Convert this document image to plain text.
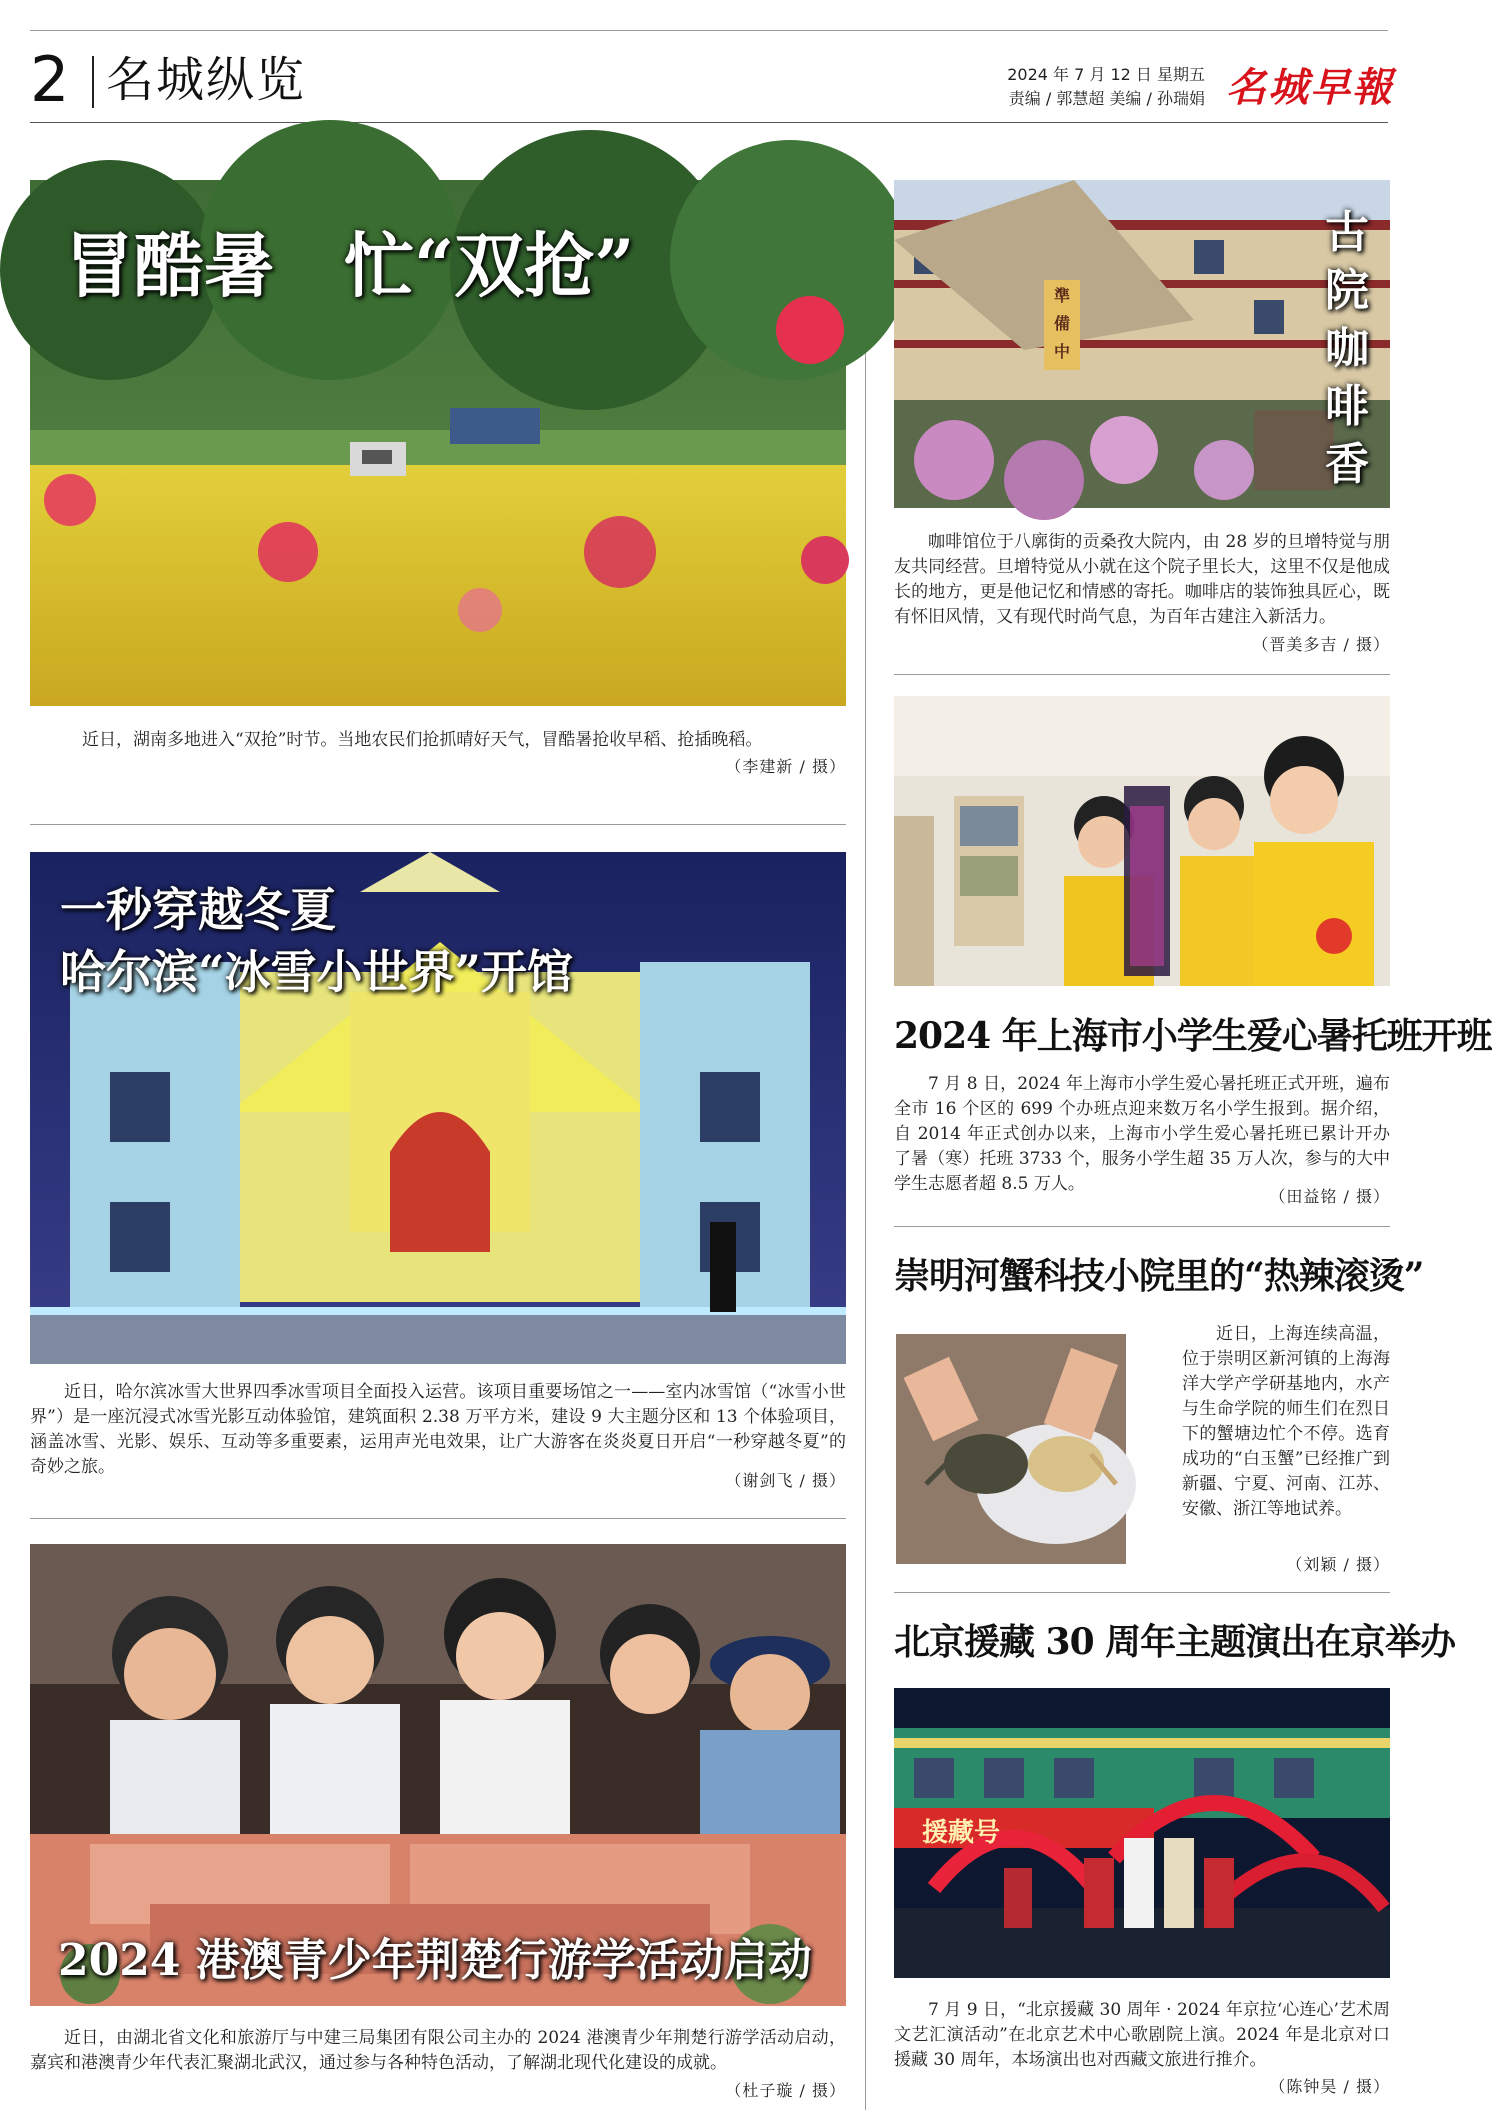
2 名城纵览	2024 年 7 月 12 日 星期五
责编 / 郭慧超 美编 / 孙瑞娟 名城早報
冒酷暑　忙“双抢”
近日，湖南多地进入“双抢”时节。当地农民们抢抓晴好天气，冒酷暑抢收早稻、抢插晚稻。
（李建新 / 摄）
一秒穿越冬夏
哈尔滨“冰雪小世界”开馆
近日，哈尔滨冰雪大世界四季冰雪项目全面投入运营。该项目重要场馆之一——室内冰雪馆（“冰雪小世界”）是一座沉浸式冰雪光影互动体验馆，建筑面积 2.38 万平方米，建设 9 大主题分区和 13 个体验项目，涵盖冰雪、光影、娱乐、互动等多重要素，运用声光电效果，让广大游客在炎炎夏日开启“一秒穿越冬夏”的奇妙之旅。
（谢剑飞 / 摄）
2024 港澳青少年荆楚行游学活动启动
近日，由湖北省文化和旅游厅与中建三局集团有限公司主办的 2024 港澳青少年荆楚行游学活动启动，嘉宾和港澳青少年代表汇聚湖北武汉，通过参与各种特色活动，了解湖北现代化建设的成就。
（杜子璇 / 摄）
準備中
古院咖啡香
咖啡馆位于八廓街的贡桑孜大院内，由 28 岁的旦增特觉与朋友共同经营。旦增特觉从小就在这个院子里长大，这里不仅是他成长的地方，更是他记忆和情感的寄托。咖啡店的装饰独具匠心，既有怀旧风情，又有现代时尚气息，为百年古建注入新活力。
（晋美多吉 / 摄）
2024 年上海市小学生爱心暑托班开班
7 月 8 日，2024 年上海市小学生爱心暑托班正式开班，遍布全市 16 个区的 699 个办班点迎来数万名小学生报到。据介绍，自 2014 年正式创办以来，上海市小学生爱心暑托班已累计开办了暑（寒）托班 3733 个，服务小学生超 35 万人次，参与的大中学生志愿者超 8.5 万人。
（田益铭 / 摄）
崇明河蟹科技小院里的“热辣滚烫”
近日，上海连续高温，位于崇明区新河镇的上海海洋大学产学研基地内，水产与生命学院的师生们在烈日下的蟹塘边忙个不停。选育成功的“白玉蟹”已经推广到新疆、宁夏、河南、江苏、安徽、浙江等地试养。
（刘颖 / 摄）
北京援藏 30 周年主题演出在京举办
援藏号
7 月 9 日，“北京援藏 30 周年 · 2024 年京拉‘心连心’艺术周文艺汇演活动”在北京艺术中心歌剧院上演。2024 年是北京对口援藏 30 周年，本场演出也对西藏文旅进行推介。
（陈钟昊 / 摄）
